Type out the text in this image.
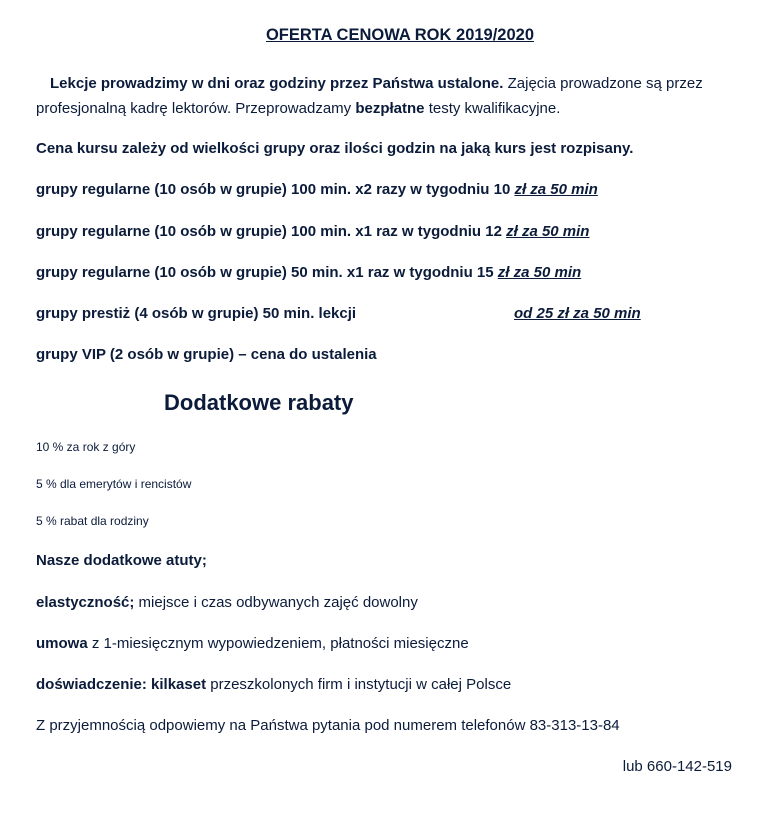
OFERTA CENOWA ROK 2019/2020
Lekcje prowadzimy w dni oraz godziny przez Państwa ustalone. Zajęcia prowadzone są przez profesjonalną kadrę lektorów. Przeprowadzamy bezpłatne testy kwalifikacyjne.
Cena kursu zależy od wielkości grupy oraz ilości godzin na jaką kurs jest rozpisany.
grupy regularne (10 osób w grupie) 100 min. x2 razy w tygodniu 10 zł za 50 min
grupy regularne (10 osób w grupie) 100 min. x1 raz w tygodniu 12 zł za 50 min
grupy regularne (10 osób w grupie) 50 min. x1 raz w tygodniu 15 zł za 50 min
grupy prestiż (4 osób w grupie) 50 min. lekcji	od 25 zł za 50 min
grupy VIP (2 osób w grupie) – cena do ustalenia
Dodatkowe rabaty
10 % za rok z góry
5 % dla emerytów i rencistów
5 % rabat dla rodziny
Nasze dodatkowe atuty;
elastyczność; miejsce i czas odbywanych zajęć dowolny
umowa z 1-miesięcznym wypowiedzeniem, płatności miesięczne
doświadczenie: kilkaset przeszkolonych firm i instytucji w całej Polsce
Z przyjemnością odpowiemy na Państwa pytania pod numerem telefonów 83-313-13-84
lub 660-142-519
